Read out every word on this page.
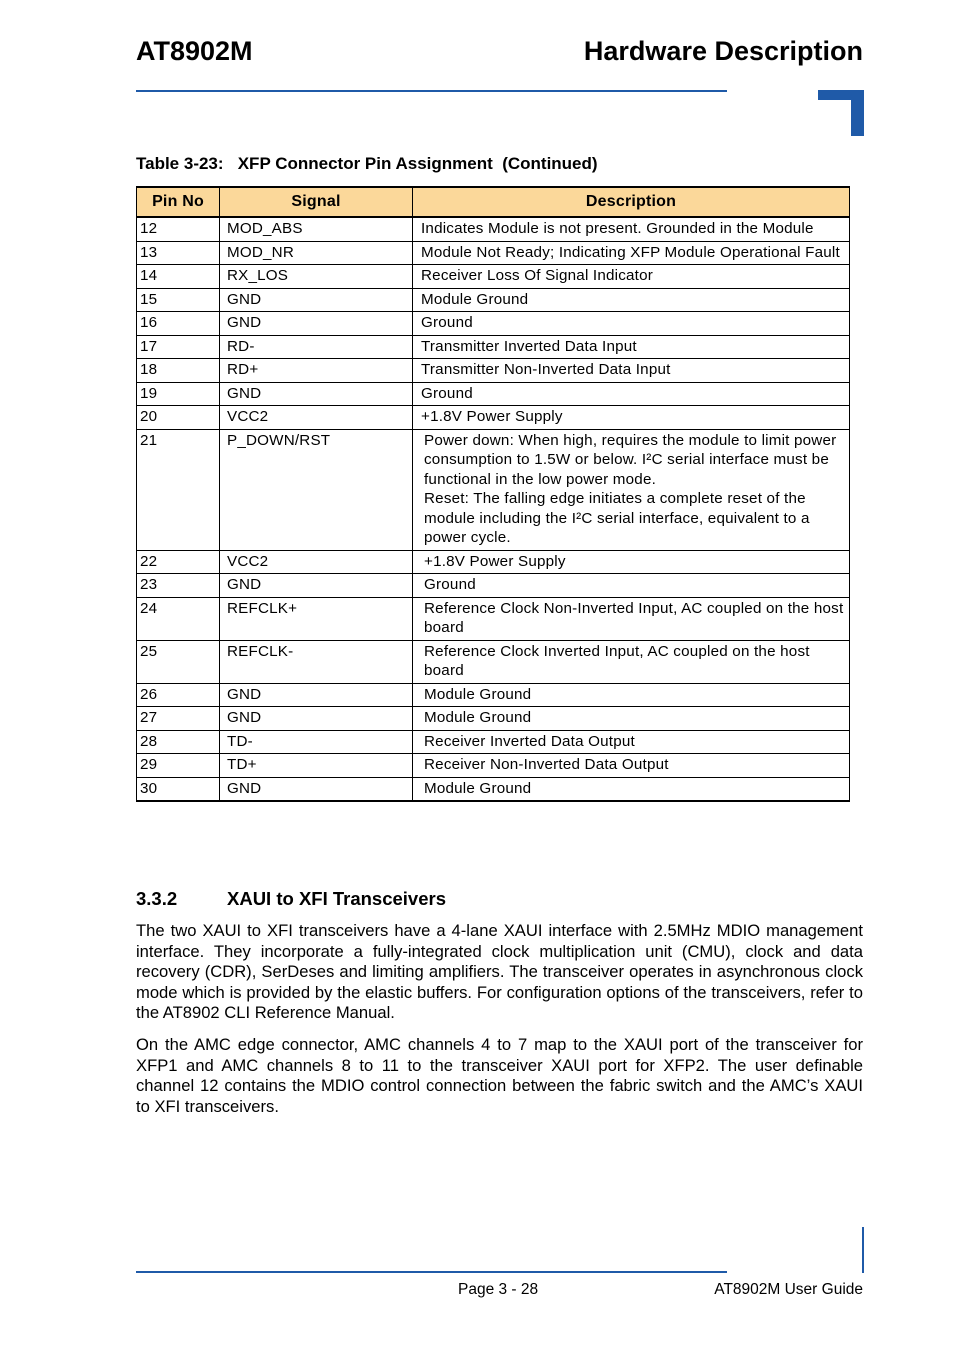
AT8902M	Hardware Description
Table 3-23:   XFP Connector Pin Assignment  (Continued)
Pin No	Signal	Description
12	MOD_ABS	Indicates Module is not present. Grounded in the Module

13	MOD_NR	Module Not Ready; Indicating XFP Module Operational Fault

14	RX_LOS	Receiver Loss Of Signal Indicator

15	GND	Module Ground

16	GND	Ground

17	RD-	Transmitter Inverted Data Input

18	RD+	Transmitter Non-Inverted Data Input

19	GND	Ground

20	VCC2	+1.8V Power Supply

21	P_DOWN/RST	Power down: When high, requires the module to limit power consumption to 1.5W or below. I²C serial interface must be functional in the low power mode.
Reset: The falling edge initiates a complete reset of the module including the I²C serial interface, equivalent to a power cycle.

22	VCC2	+1.8V Power Supply

23	GND	Ground

24	REFCLK+	Reference Clock Non-Inverted Input, AC coupled on the host board

25	REFCLK-	Reference Clock Inverted Input, AC coupled on the host board

26	GND	Module Ground

27	GND	Module Ground

28	TD-	Receiver Inverted Data Output

29	TD+	Receiver Non-Inverted Data Output

30	GND	Module Ground
3.3.2	XAUI to XFI Transceivers
The two XAUI to XFI transceivers have a 4-lane XAUI interface with 2.5MHz MDIO management interface. They incorporate a fully-integrated clock multiplication unit (CMU), clock and data recovery (CDR), SerDeses and limiting amplifiers. The transceiver operates in asynchronous clock mode which is provided by the elastic buffers. For configuration options of the transceivers, refer to the AT8902 CLI Reference Manual.
On the AMC edge connector, AMC channels 4 to 7 map to the XAUI port of the transceiver for XFP1 and AMC channels 8 to 11 to the transceiver XAUI port for XFP2. The user definable channel 12 contains the MDIO control connection between the fabric switch and the AMC’s XAUI to XFI transceivers.
Page 3 - 28	AT8902M User Guide
